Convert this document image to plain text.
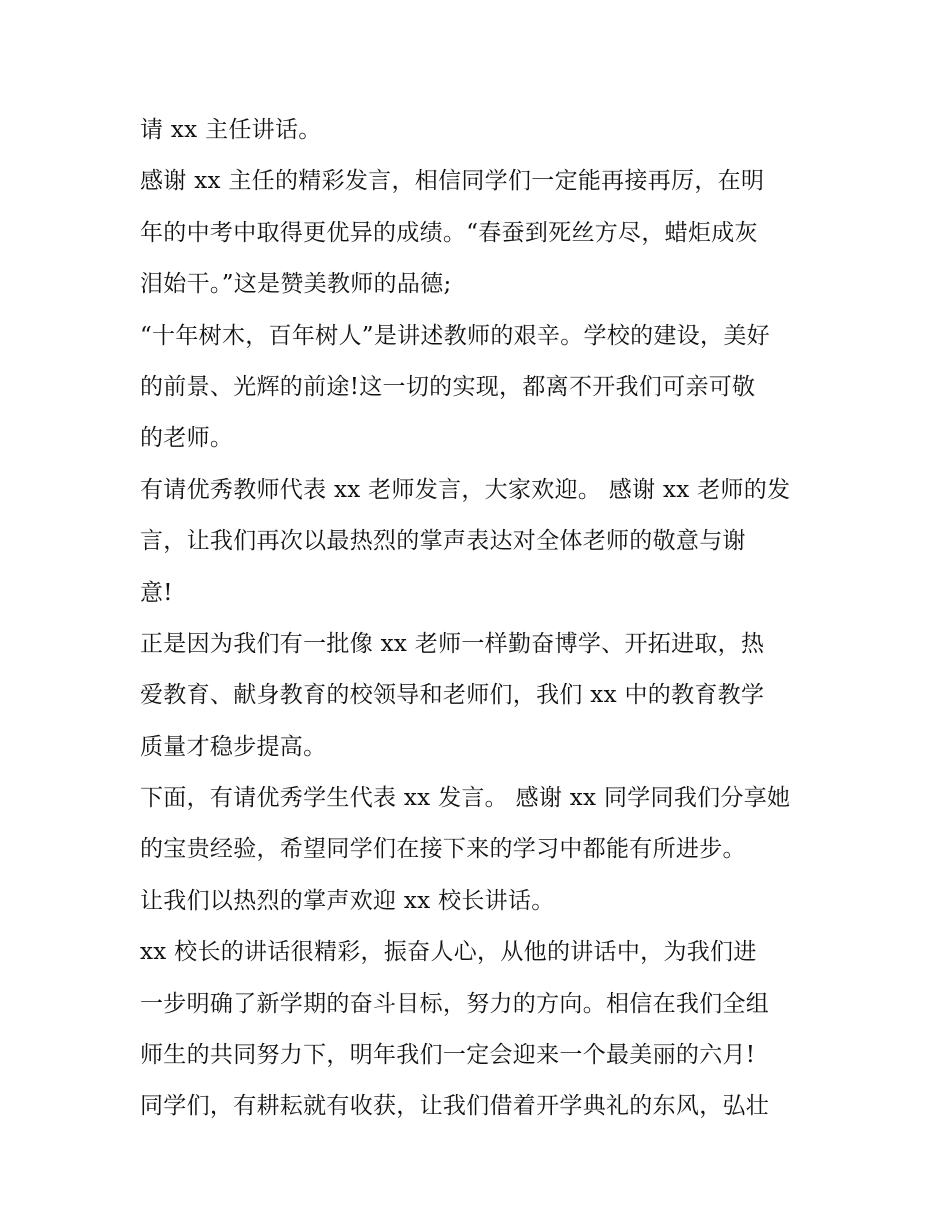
请 xx 主任讲话。
感谢 xx 主任的精彩发言，相信同学们一定能再接再厉，在明
年的中考中取得更优异的成绩。“春蚕到死丝方尽，蜡炬成灰
泪始干。”这是赞美教师的品德;
“十年树木，百年树人”是讲述教师的艰辛。学校的建设，美好
的前景、光辉的前途!这一切的实现，都离不开我们可亲可敬
的老师。
有请优秀教师代表 xx 老师发言，大家欢迎。 感谢 xx 老师的发
言，让我们再次以最热烈的掌声表达对全体老师的敬意与谢
意!
正是因为我们有一批像 xx 老师一样勤奋博学、开拓进取，热
爱教育、献身教育的校领导和老师们，我们 xx 中的教育教学
质量才稳步提高。
下面，有请优秀学生代表 xx 发言。 感谢 xx 同学同我们分享她
的宝贵经验，希望同学们在接下来的学习中都能有所进步。
让我们以热烈的掌声欢迎 xx 校长讲话。
xx 校长的讲话很精彩，振奋人心，从他的讲话中，为我们进
一步明确了新学期的奋斗目标，努力的方向。相信在我们全组
师生的共同努力下，明年我们一定会迎来一个最美丽的六月!
同学们，有耕耘就有收获，让我们借着开学典礼的东风，弘壮
